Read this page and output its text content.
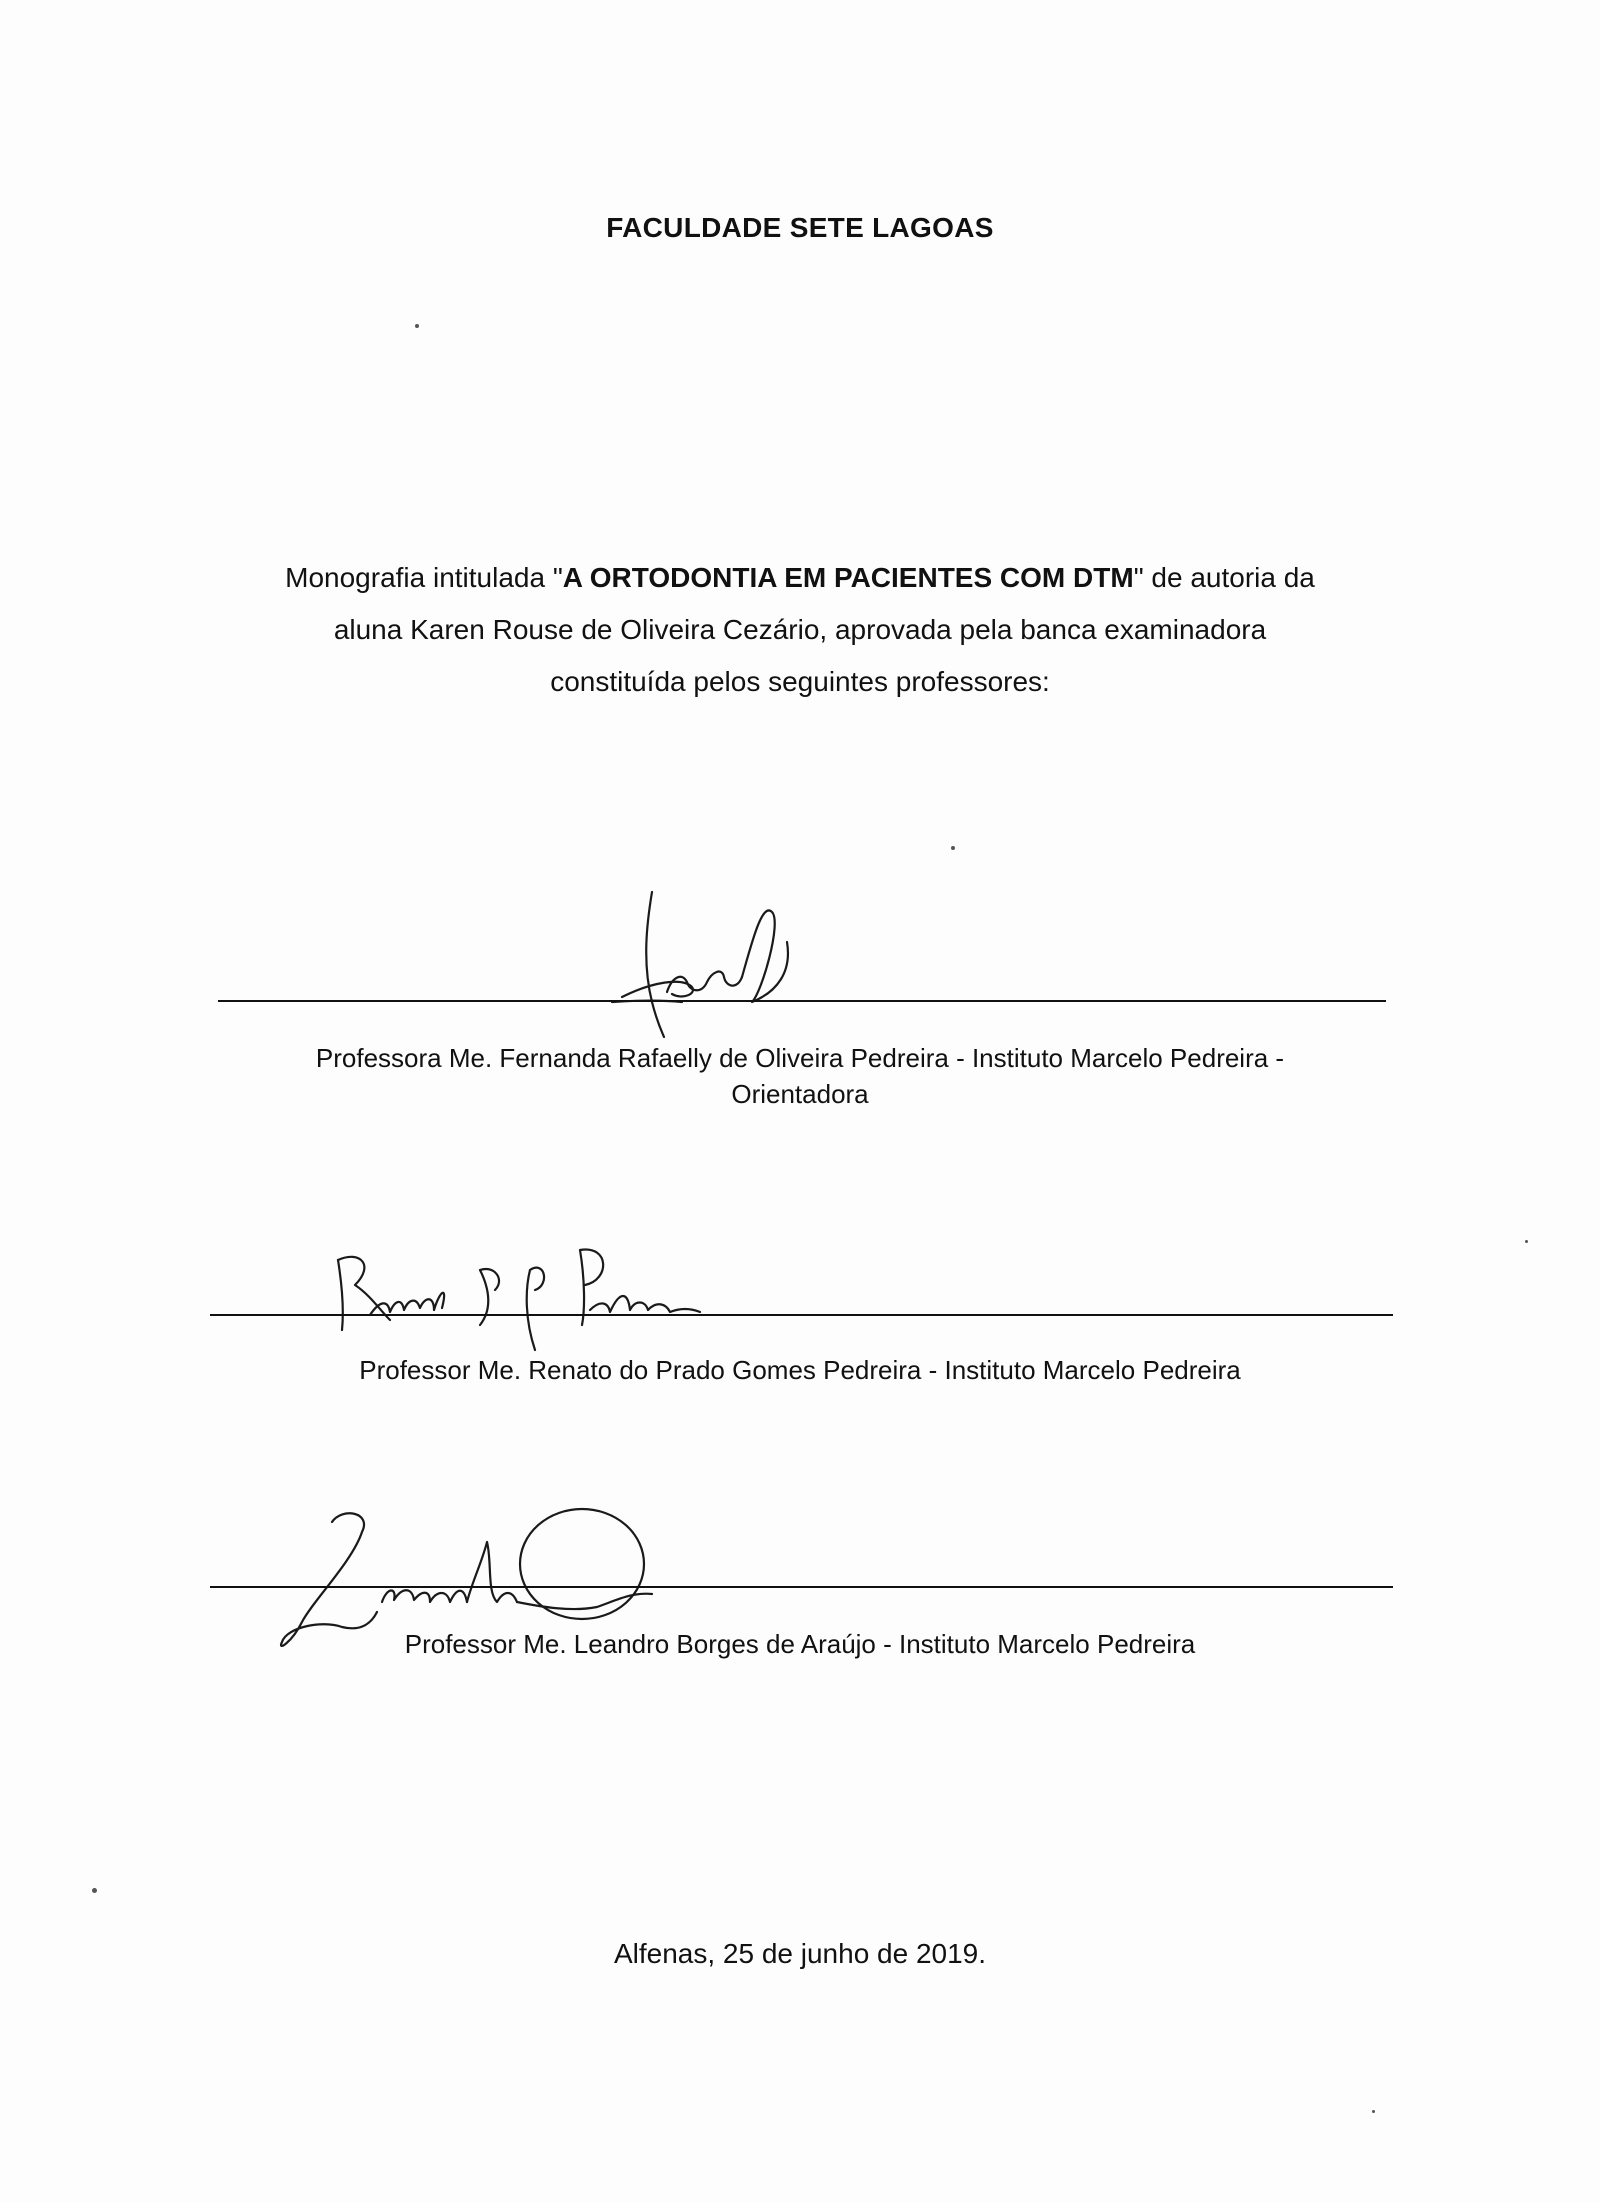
FACULDADE SETE LAGOAS
Monografia intitulada "A ORTODONTIA EM PACIENTES COM DTM" de autoria da
aluna Karen Rouse de Oliveira Cezário, aprovada pela banca examinadora
constituída pelos seguintes professores:
Professora Me. Fernanda Rafaelly de Oliveira Pedreira - Instituto Marcelo Pedreira -
Orientadora
Professor Me. Renato do Prado Gomes Pedreira - Instituto Marcelo Pedreira
Professor Me. Leandro Borges de Araújo - Instituto Marcelo Pedreira
Alfenas, 25 de junho de 2019.
